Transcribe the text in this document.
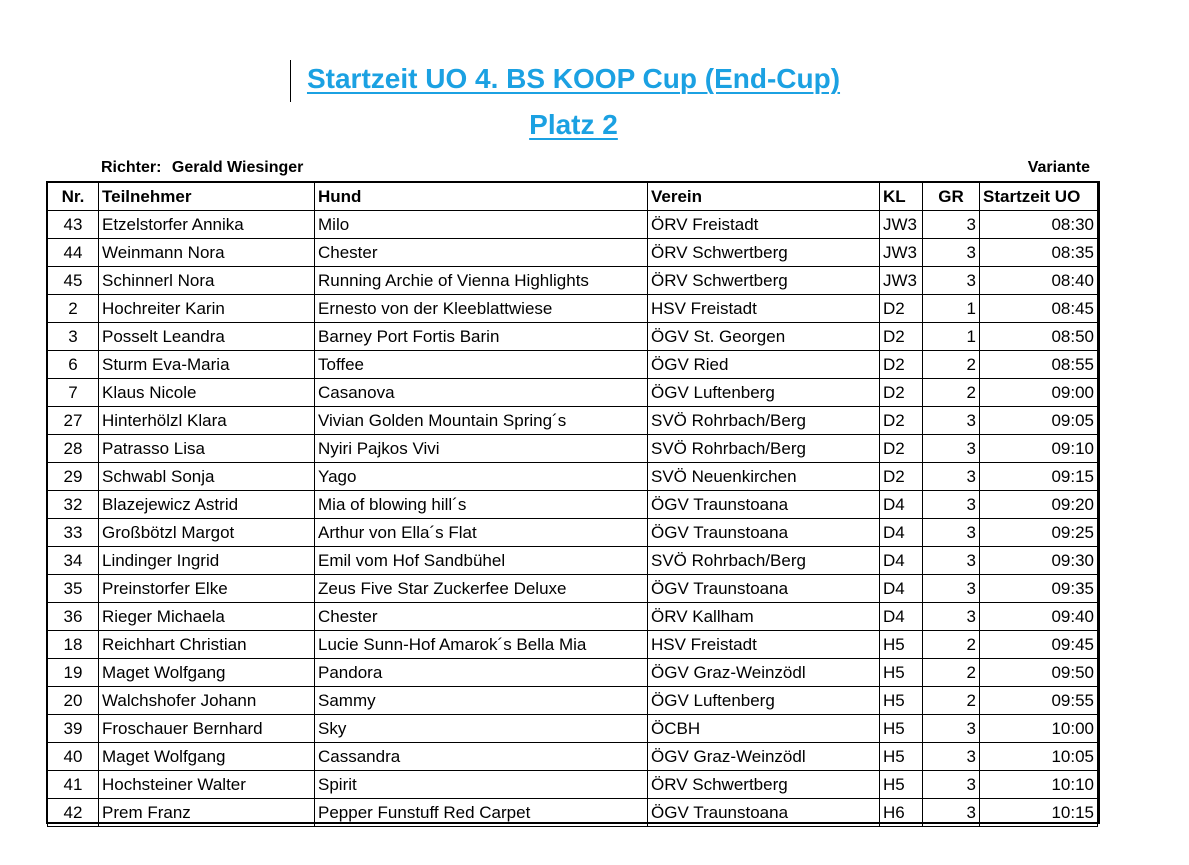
Startzeit UO 4. BS KOOP Cup (End-Cup)
Platz 2
Richter: Gerald Wiesinger	Variante
Nr.	Teilnehmer	Hund	Verein	KL	GR	Startzeit UO
43	Etzelstorfer Annika	Milo	ÖRV Freistadt	JW3	3	08:30
44	Weinmann Nora	Chester	ÖRV Schwertberg	JW3	3	08:35
45	Schinnerl Nora	Running Archie of Vienna Highlights	ÖRV Schwertberg	JW3	3	08:40
2	Hochreiter Karin	Ernesto von der Kleeblattwiese	HSV Freistadt	D2	1	08:45
3	Posselt Leandra	Barney Port Fortis Barin	ÖGV St. Georgen	D2	1	08:50
6	Sturm Eva-Maria	Toffee	ÖGV Ried	D2	2	08:55
7	Klaus Nicole	Casanova	ÖGV Luftenberg	D2	2	09:00
27	Hinterhölzl Klara	Vivian Golden Mountain Spring´s	SVÖ Rohrbach/Berg	D2	3	09:05
28	Patrasso Lisa	Nyiri Pajkos Vivi	SVÖ Rohrbach/Berg	D2	3	09:10
29	Schwabl Sonja	Yago	SVÖ Neuenkirchen	D2	3	09:15
32	Blazejewicz Astrid	Mia of blowing hill´s	ÖGV Traunstoana	D4	3	09:20
33	Großbötzl Margot	Arthur von Ella´s Flat	ÖGV Traunstoana	D4	3	09:25
34	Lindinger Ingrid	Emil vom Hof Sandbühel	SVÖ Rohrbach/Berg	D4	3	09:30
35	Preinstorfer Elke	Zeus Five Star Zuckerfee Deluxe	ÖGV Traunstoana	D4	3	09:35
36	Rieger Michaela	Chester	ÖRV Kallham	D4	3	09:40
18	Reichhart Christian	Lucie Sunn-Hof Amarok´s Bella Mia	HSV Freistadt	H5	2	09:45
19	Maget Wolfgang	Pandora	ÖGV Graz-Weinzödl	H5	2	09:50
20	Walchshofer Johann	Sammy	ÖGV Luftenberg	H5	2	09:55
39	Froschauer Bernhard	Sky	ÖCBH	H5	3	10:00
40	Maget Wolfgang	Cassandra	ÖGV Graz-Weinzödl	H5	3	10:05
41	Hochsteiner Walter	Spirit	ÖRV Schwertberg	H5	3	10:10
42	Prem Franz	Pepper Funstuff Red Carpet	ÖGV Traunstoana	H6	3	10:15
